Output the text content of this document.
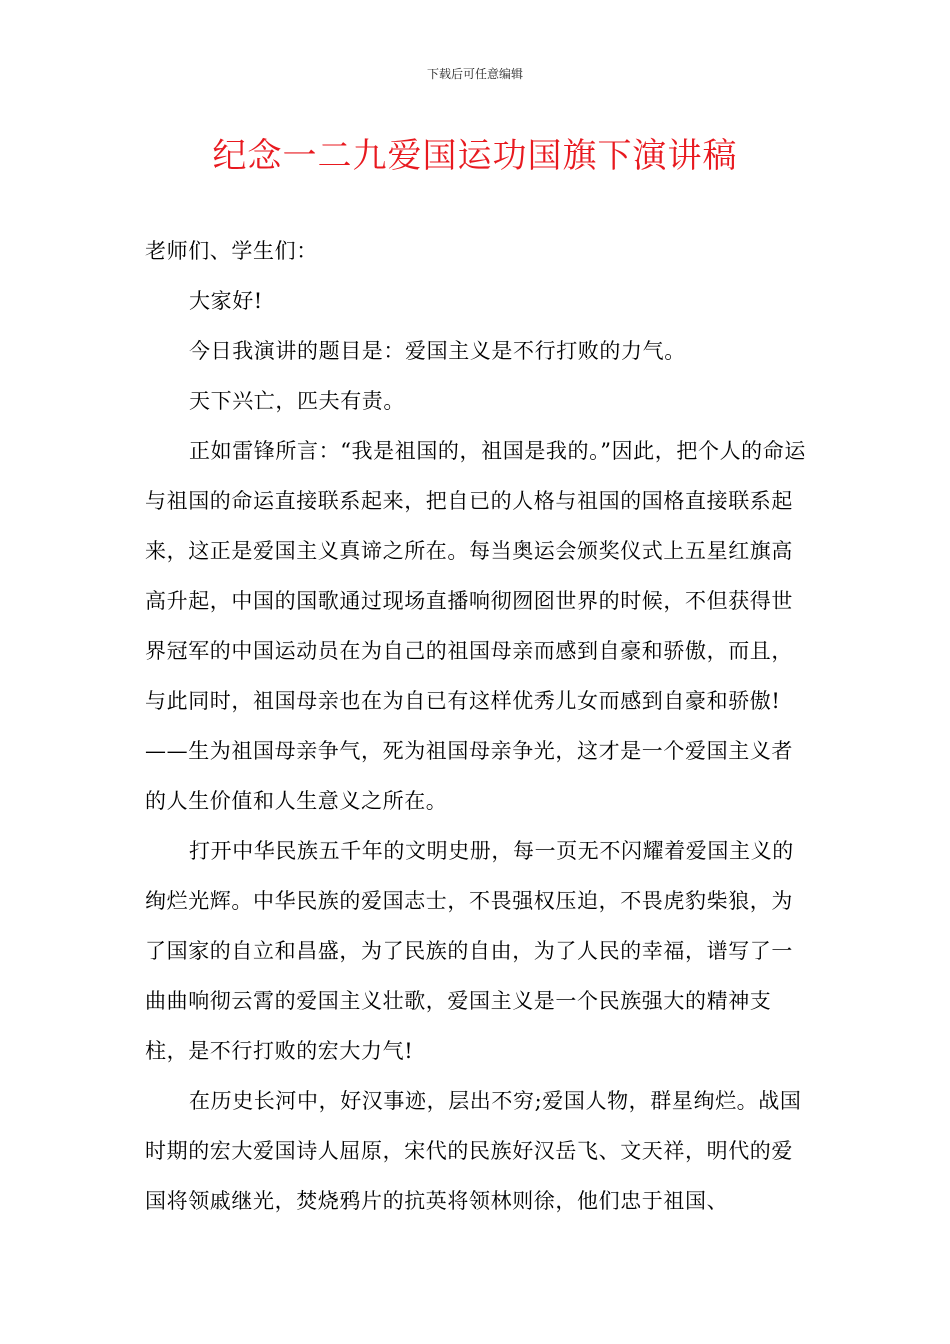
下载后可任意编辑
纪念一二九爱国运功国旗下演讲稿

老师们、学生们：

大家好!

今日我演讲的题目是：爱国主义是不行打败的力气。

天下兴亡，匹夫有责。

正如雷锋所言：“我是祖国的，祖国是我的。”因此，把个人的命运与祖国的命运直接联系起来，把自已的人格与祖国的国格直接联系起来，这正是爱国主义真谛之所在。每当奥运会颁奖仪式上五星红旗高高升起，中国的国歌通过现场直播响彻囫囵世界的时候，不但获得世界冠军的中国运动员在为自己的祖国母亲而感到自豪和骄傲，而且，与此同时，祖国母亲也在为自已有这样优秀儿女而感到自豪和骄傲!——生为祖国母亲争气，死为祖国母亲争光，这才是一个爱国主义者的人生价值和人生意义之所在。

打开中华民族五千年的文明史册，每一页无不闪耀着爱国主义的绚烂光辉。中华民族的爱国志士，不畏强权压迫，不畏虎豹柴狼，为了国家的自立和昌盛，为了民族的自由，为了人民的幸福，谱写了一曲曲响彻云霄的爱国主义壮歌，爱国主义是一个民族强大的精神支柱，是不行打败的宏大力气!

在历史长河中，好汉事迹，层出不穷;爱国人物，群星绚烂。战国时期的宏大爱国诗人屈原，宋代的民族好汉岳飞、文天祥，明代的爱国将领戚继光，焚烧鸦片的抗英将领林则徐，他们忠于祖国、
